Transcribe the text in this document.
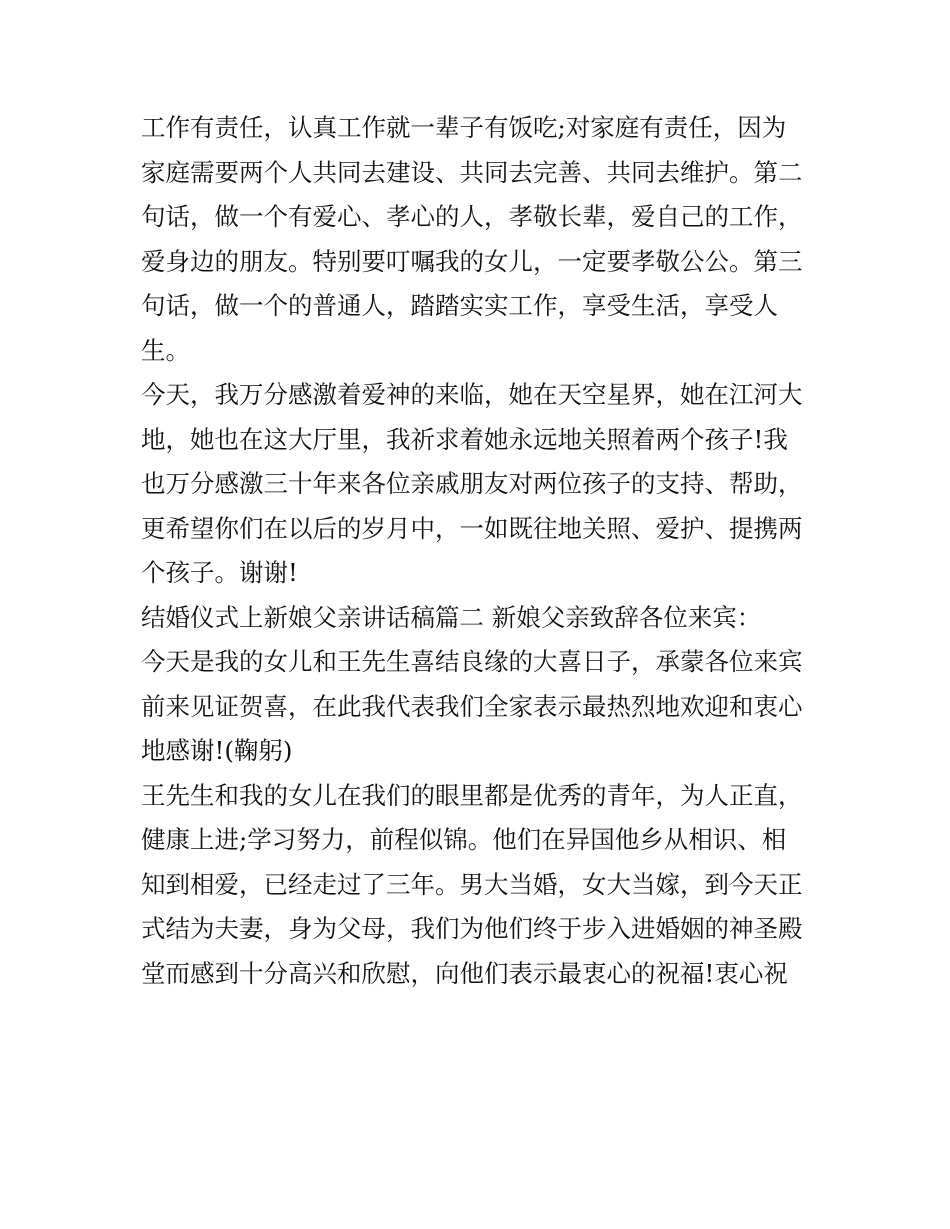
工作有责任，认真工作就一辈子有饭吃;对家庭有责任，因为
家庭需要两个人共同去建设、共同去完善、共同去维护。第二
句话，做一个有爱心、孝心的人，孝敬长辈，爱自己的工作，
爱身边的朋友。特别要叮嘱我的女儿，一定要孝敬公公。第三
句话，做一个的普通人，踏踏实实工作，享受生活，享受人
生。
今天，我万分感激着爱神的来临，她在天空星界，她在江河大
地，她也在这大厅里，我祈求着她永远地关照着两个孩子!我
也万分感激三十年来各位亲戚朋友对两位孩子的支持、帮助，
更希望你们在以后的岁月中，一如既往地关照、爱护、提携两
个孩子。谢谢!
结婚仪式上新娘父亲讲话稿篇二 新娘父亲致辞各位来宾：
今天是我的女儿和王先生喜结良缘的大喜日子，承蒙各位来宾
前来见证贺喜，在此我代表我们全家表示最热烈地欢迎和衷心
地感谢!(鞠躬)
王先生和我的女儿在我们的眼里都是优秀的青年，为人正直，
健康上进;学习努力，前程似锦。他们在异国他乡从相识、相
知到相爱，已经走过了三年。男大当婚，女大当嫁，到今天正
式结为夫妻，身为父母，我们为他们终于步入进婚姻的神圣殿
堂而感到十分高兴和欣慰，向他们表示最衷心的祝福!衷心祝
